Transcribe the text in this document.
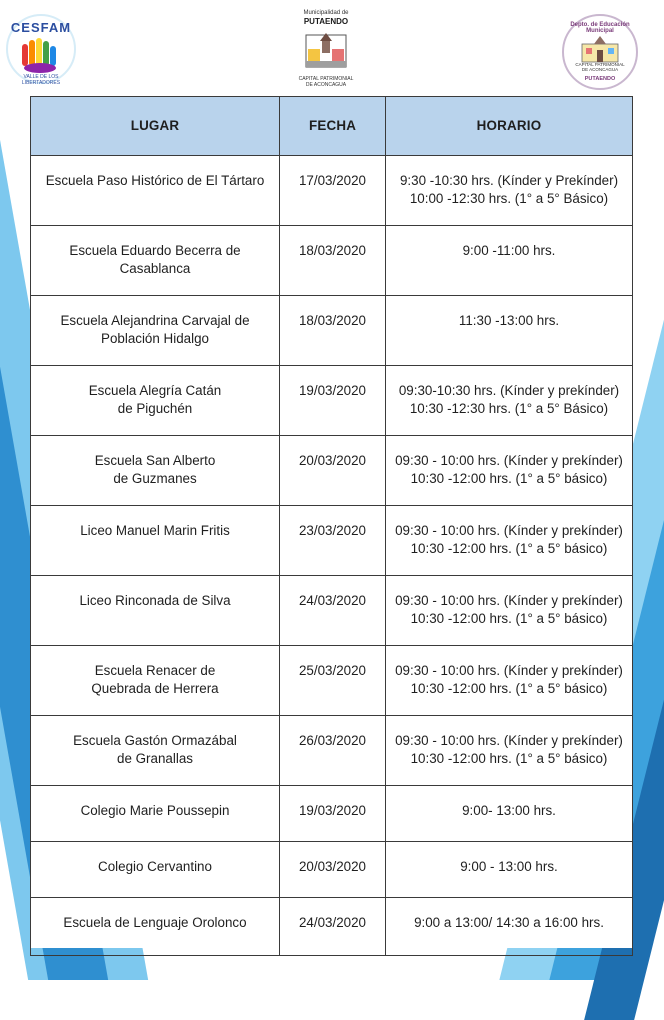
CESFAM
VALLE DE LOS LIBERTADORES
Municipalidad de
PUTAENDO
CAPITAL PATRIMONIAL
DE ACONCAGUA
Depto. de Educación Municipal
CAPITAL PATRIMONIAL
DE ACONCAGUA
PUTAENDO
LUGAR	FECHA	HORARIO

Escuela Paso Histórico de El Tártaro	17/03/2020	9:30 -10:30 hrs. (Kínder y Prekínder)
10:00 -12:30 hrs. (1° a 5° Básico)

Escuela Eduardo Becerra de
Casablanca	18/03/2020	9:00 -11:00 hrs.

Escuela Alejandrina Carvajal de
Población Hidalgo	18/03/2020	11:30 -13:00 hrs.

Escuela Alegría Catán
de Piguchén	19/03/2020	09:30-10:30 hrs. (Kínder y prekínder)
10:30 -12:30 hrs. (1° a 5° Básico)

Escuela San Alberto
de Guzmanes	20/03/2020	09:30 - 10:00 hrs. (Kínder y prekínder)
10:30 -12:00 hrs. (1° a 5° básico)

Liceo Manuel Marin Fritis	23/03/2020	09:30 - 10:00 hrs. (Kínder y prekínder)
10:30 -12:00 hrs. (1° a 5° básico)

Liceo Rinconada de Silva	24/03/2020	09:30 - 10:00 hrs. (Kínder y prekínder)
10:30 -12:00 hrs. (1° a 5° básico)

Escuela Renacer de
Quebrada de Herrera	25/03/2020	09:30 - 10:00 hrs. (Kínder y prekínder)
10:30 -12:00 hrs. (1° a 5° básico)

Escuela Gastón Ormazábal
de Granallas	26/03/2020	09:30 - 10:00 hrs. (Kínder y prekínder)
10:30 -12:00 hrs. (1° a 5° básico)

Colegio Marie Poussepin	19/03/2020	9:00- 13:00 hrs.

Colegio Cervantino	20/03/2020	9:00 - 13:00 hrs.

Escuela de Lenguaje Orolonco	24/03/2020	9:00 a 13:00/ 14:30 a 16:00 hrs.
